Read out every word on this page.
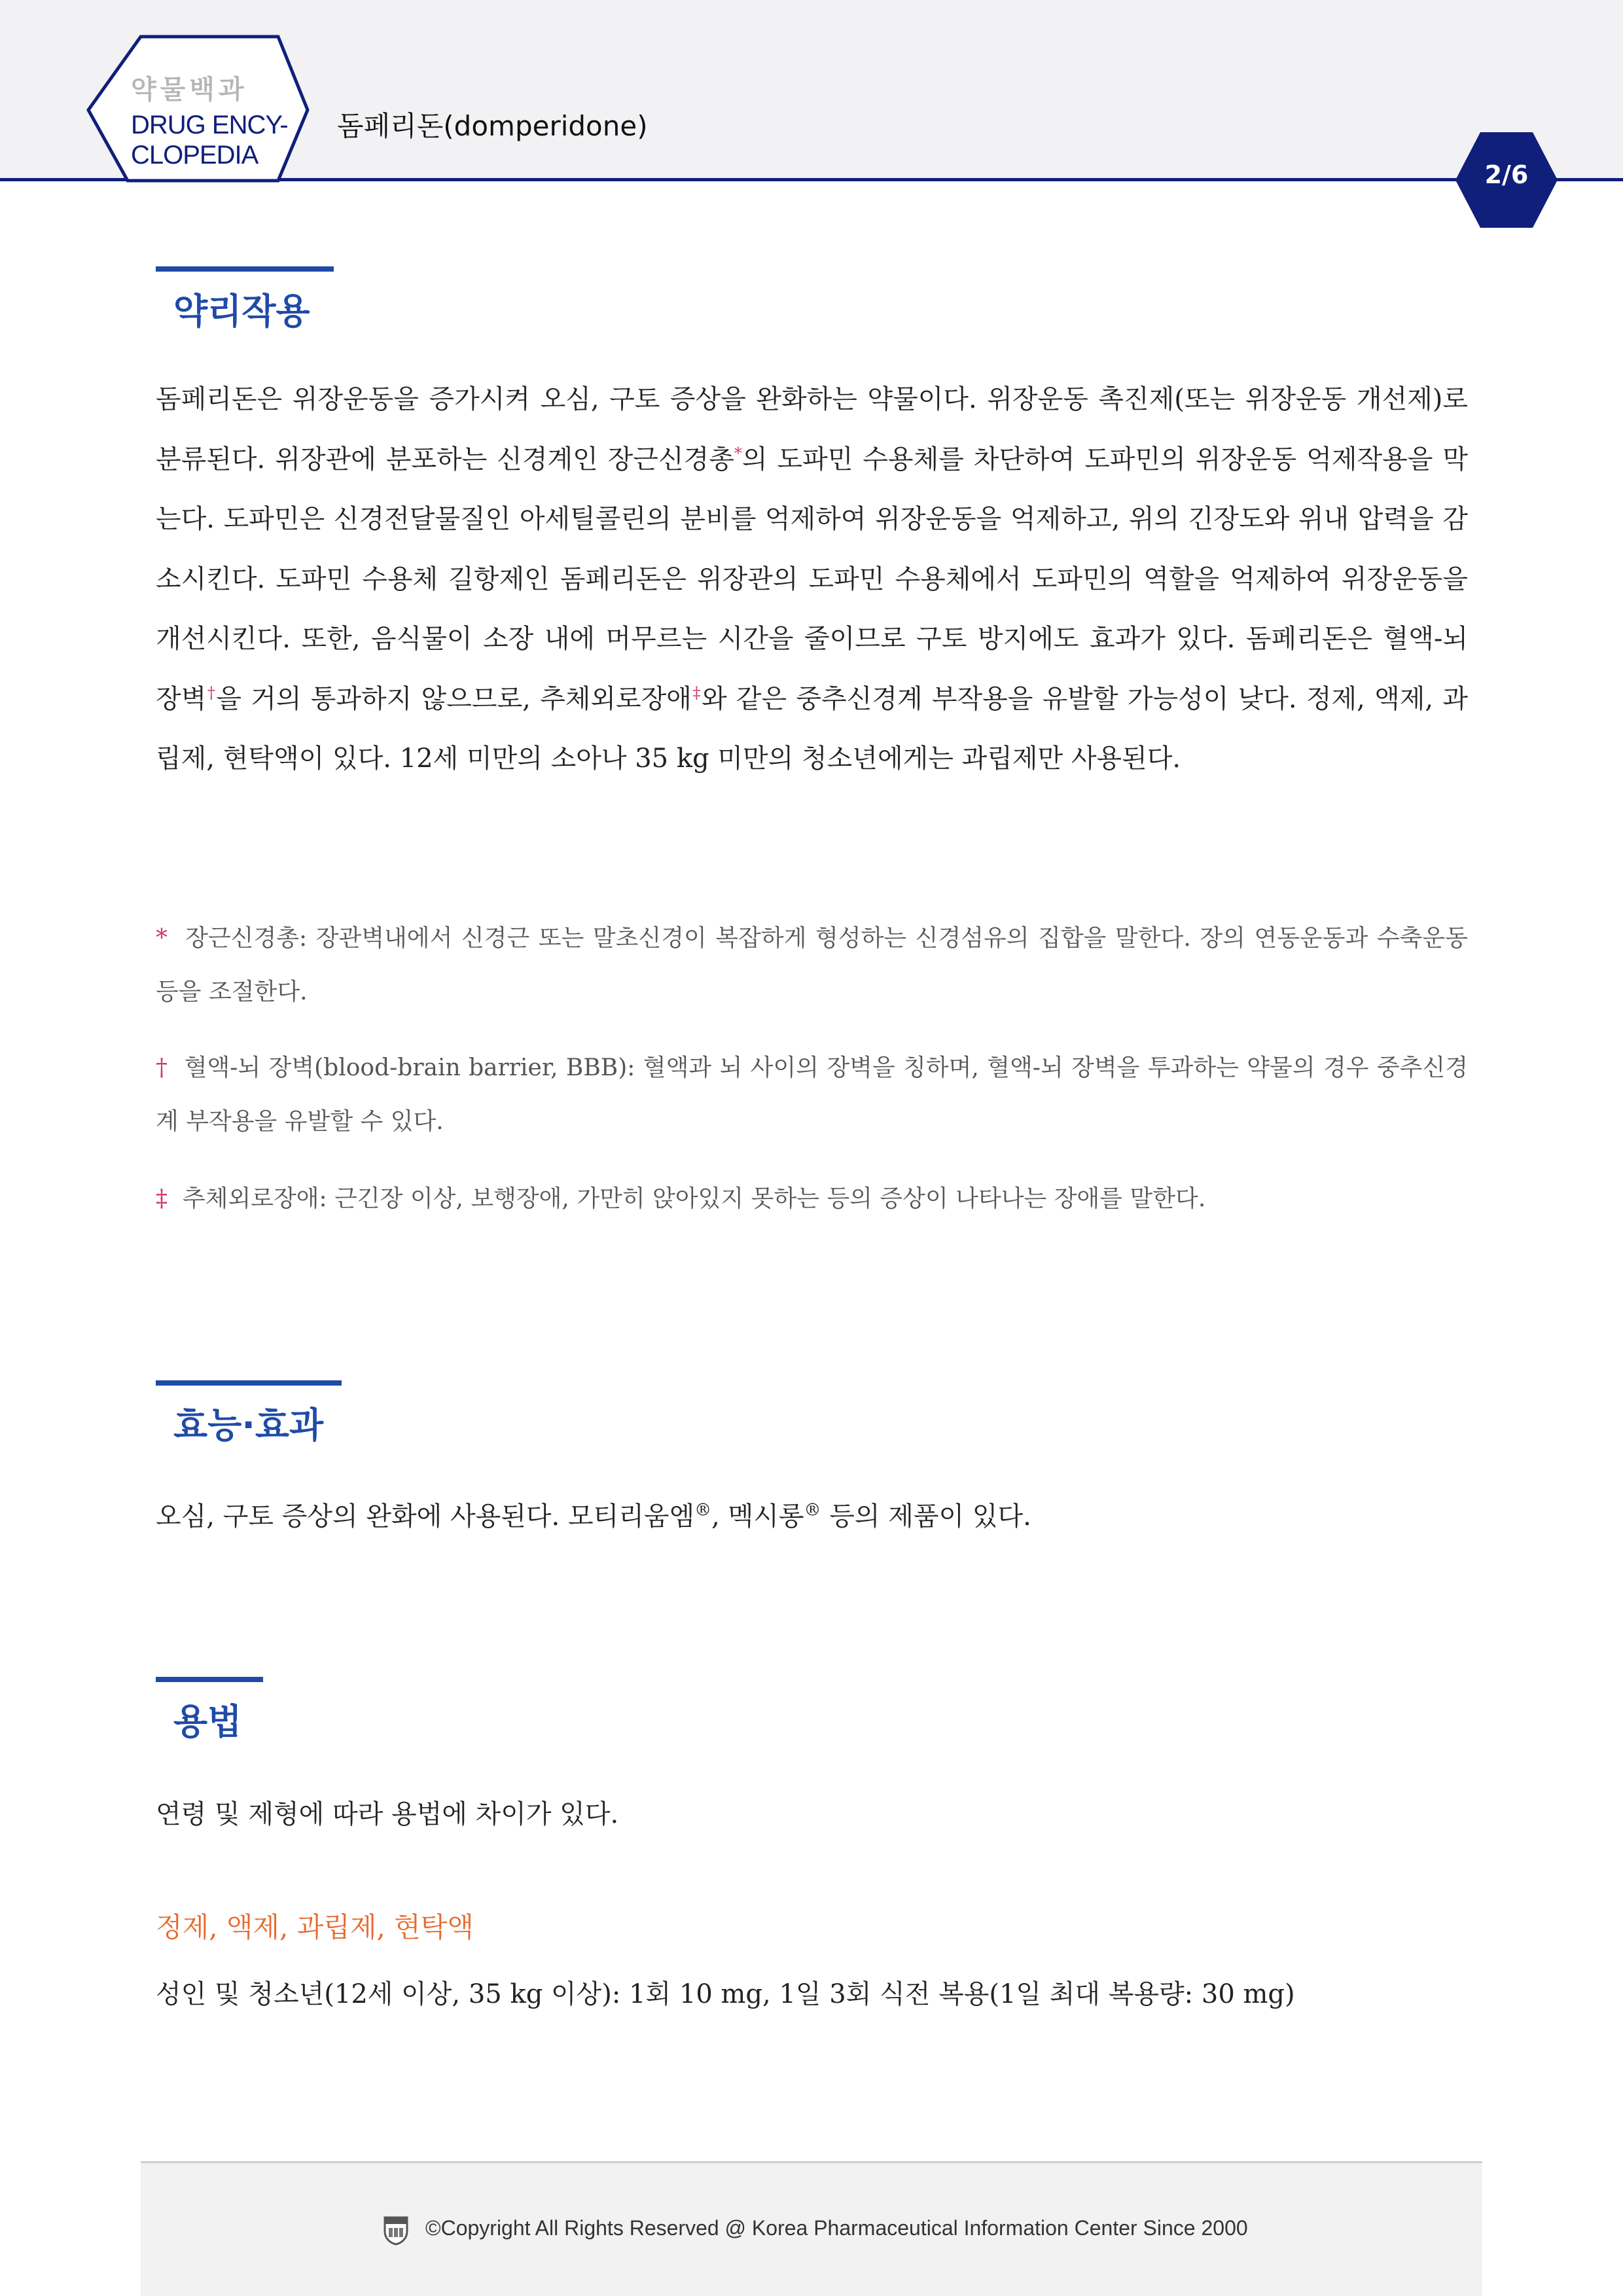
약물백과
DRUG ENCY-
CLOPEDIA
돔페리돈(domperidone)
2/6
약리작용
돔페리돈은 위장운동을 증가시켜 오심, 구토 증상을 완화하는 약물이다. 위장운동 촉진제(또는 위장운동 개선제)로 분류된다. 위장관에 분포하는 신경계인 장근신경총*의 도파민 수용체를 차단하여 도파민의 위장운동 억제작용을 막는다. 도파민은 신경전달물질인 아세틸콜린의 분비를 억제하여 위장운동을 억제하고, 위의 긴장도와 위내 압력을 감소시킨다. 도파민 수용체 길항제인 돔페리돈은 위장관의 도파민 수용체에서 도파민의 역할을 억제하여 위장운동을 개선시킨다. 또한, 음식물이 소장 내에 머무르는 시간을 줄이므로 구토 방지에도 효과가 있다. 돔페리돈은 혈액-뇌 장벽†을 거의 통과하지 않으므로, 추체외로장애‡와 같은 중추신경계 부작용을 유발할 가능성이 낮다. 정제, 액제, 과립제, 현탁액이 있다. 12세 미만의 소아나 35 kg 미만의 청소년에게는 과립제만 사용된다.
* 장근신경총: 장관벽내에서 신경근 또는 말초신경이 복잡하게 형성하는 신경섬유의 집합을 말한다. 장의 연동운동과 수축운동 등을 조절한다.
† 혈액-뇌 장벽(blood-brain barrier, BBB): 혈액과 뇌 사이의 장벽을 칭하며, 혈액-뇌 장벽을 투과하는 약물의 경우 중추신경계 부작용을 유발할 수 있다.
‡ 추체외로장애: 근긴장 이상, 보행장애, 가만히 앉아있지 못하는 등의 증상이 나타나는 장애를 말한다.
효능·효과
오심, 구토 증상의 완화에 사용된다. 모티리움엠®, 멕시롱® 등의 제품이 있다.
용법
연령 및 제형에 따라 용법에 차이가 있다.
정제, 액제, 과립제, 현탁액
성인 및 청소년(12세 이상, 35 kg 이상): 1회 10 mg, 1일 3회 식전 복용(1일 최대 복용량: 30 mg)
©Copyright All Rights Reserved @ Korea Pharmaceutical Information Center Since 2000
